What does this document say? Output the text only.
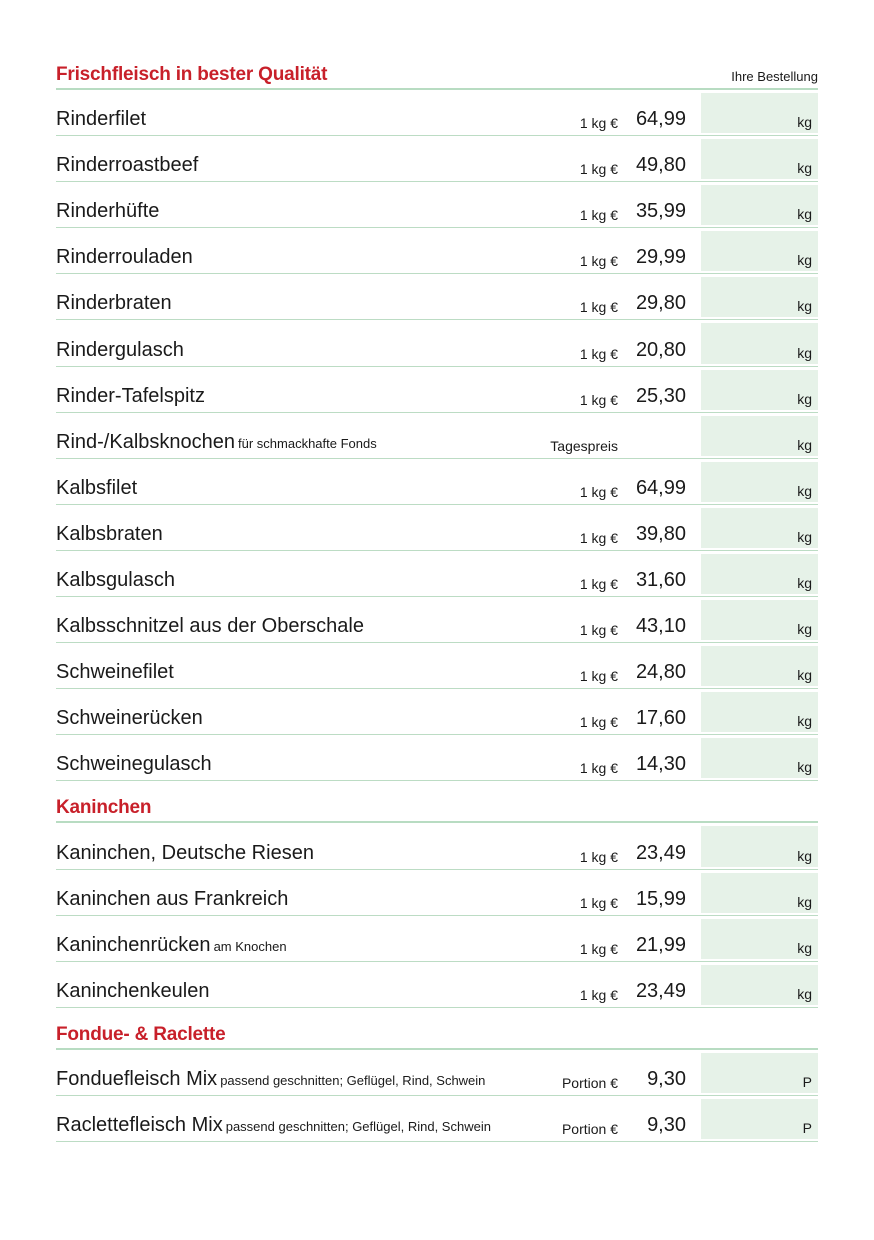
Frischfleisch in bester Qualität	Ihre Bestellung
Rinderfilet	1 kg € 64,99	kg
Rinderroastbeef	1 kg € 49,80	kg
Rinderhüfte	1 kg € 35,99	kg
Rinderrouladen	1 kg € 29,99	kg
Rinderbraten	1 kg € 29,80	kg
Rindergulasch	1 kg € 20,80	kg
Rinder-Tafelspitz	1 kg € 25,30	kg
Rind-/Kalbsknochen für schmackhafte Fonds	Tagespreis	kg
Kalbsfilet	1 kg € 64,99	kg
Kalbsbraten	1 kg € 39,80	kg
Kalbsgulasch	1 kg € 31,60	kg
Kalbsschnitzel aus der Oberschale	1 kg € 43,10	kg
Schweinefilet	1 kg € 24,80	kg
Schweinerücken	1 kg € 17,60	kg
Schweinegulasch	1 kg € 14,30	kg
Kaninchen
Kaninchen, Deutsche Riesen	1 kg € 23,49	kg
Kaninchen aus Frankreich	1 kg € 15,99	kg
Kaninchenrücken am Knochen	1 kg € 21,99	kg
Kaninchenkeulen	1 kg € 23,49	kg
Fondue- & Raclette
Fonduefleisch Mix passend geschnitten; Geflügel, Rind, Schwein	Portion € 9,30	P
Raclettefleisch Mix passend geschnitten; Geflügel, Rind, Schwein	Portion € 9,30	P
